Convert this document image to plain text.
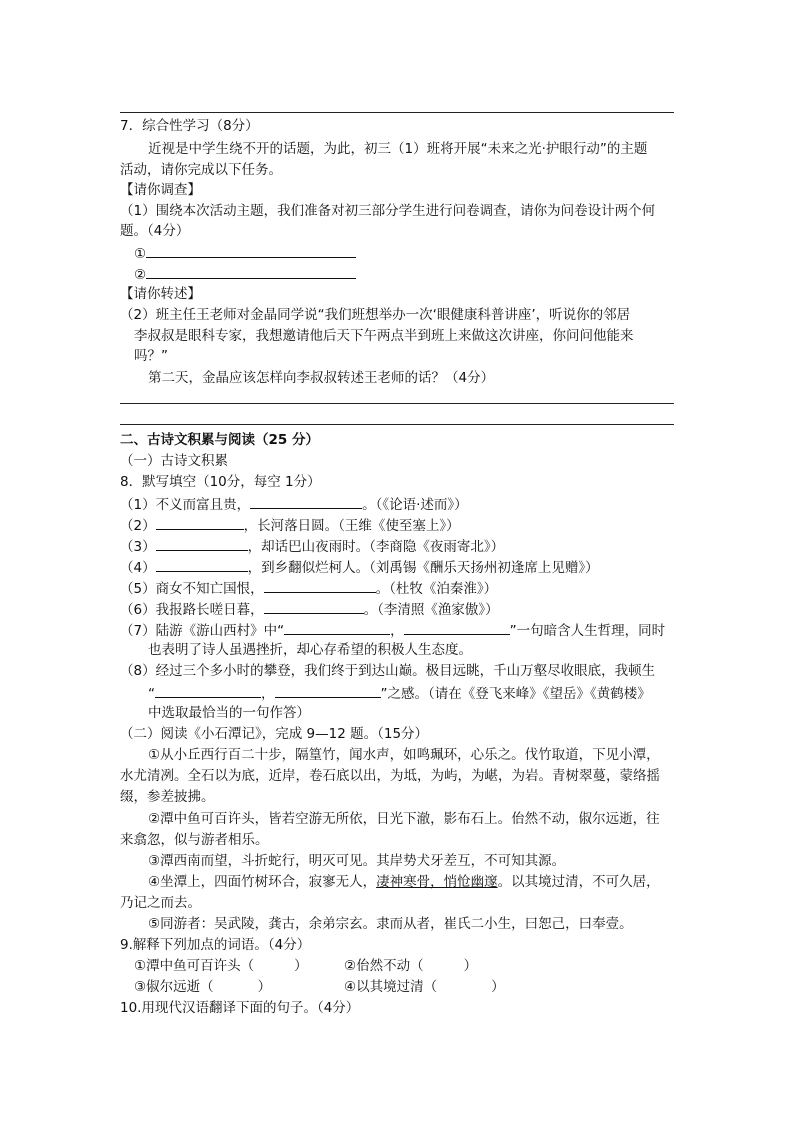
7．综合性学习（8分）
近视是中学生绕不开的话题，为此，初三（1）班将开展“未来之光·护眼行动”的主题
活动，请你完成以下任务。
【请你调查】
（1）围绕本次活动主题，我们准备对初三部分学生进行问卷调查，请你为问卷设计两个何
题。（4分）
①
②
【请你转述】
（2）班主任王老师对金晶同学说“我们班想举办一次‘眼健康科普讲座’，听说你的邻居
李叔叔是眼科专家，我想邀请他后天下午两点半到班上来做这次讲座，你问问他能来
吗？”
第二天，金晶应该怎样向李叔叔转述王老师的话？（4分）
二、古诗文积累与阅读（25 分）
（一）古诗文积累
8．默写填空（10分，每空 1分）
（1）不义而富且贵，	。（《论语·述而》）
（2）	，长河落日圆。（王维《使至塞上》）
（3）	，却话巴山夜雨时。（李商隐《夜雨寄北》）
（4）	，到乡翻似烂柯人。（刘禹锡《酬乐天扬州初逢席上见赠》）
（5）商女不知亡国恨，	。（杜牧《泊秦淮》）
（6）我报路长嗟日暮，	。（李清照《渔家傲》）
（7）陆游《游山西村》中“	，	”一句暗含人生哲理，同时
也表明了诗人虽遇挫折，却心存希望的积极人生态度。
（8）经过三个多小时的攀登，我们终于到达山巅。极目远眺，千山万壑尽收眼底，我顿生
“	，	”之感。（请在《登飞来峰》《望岳》《黄鹤楼》
中选取最恰当的一句作答）
（二）阅读《小石潭记》，完成 9—12 题。（15分）
①从小丘西行百二十步，隔篁竹，闻水声，如鸣珮环，心乐之。伐竹取道，下见小潭，
水尤清冽。全石以为底，近岸，卷石底以出，为坻，为屿，为嵁，为岩。青树翠蔓，蒙络摇
缀，参差披拂。
②潭中鱼可百许头，皆若空游无所依，日光下澈，影布石上。佁然不动，俶尔远逝，往
来翕忽，似与游者相乐。
③潭西南而望，斗折蛇行，明灭可见。其岸势犬牙差互，不可知其源。
④坐潭上，四面竹树环合，寂寥无人，凄神寒骨，悄怆幽邃。以其境过清，不可久居，
乃记之而去。
⑤同游者：吴武陵，龚古，余弟宗玄。隶而从者，崔氏二小生，曰恕己，曰奉壹。
9.解释下列加点的词语。（4分）
①潭中鱼可百许头（	）	②佁然不动（	）
③俶尔远逝（	）	④以其境过清（	）
10.用现代汉语翻译下面的句子。（4分）
